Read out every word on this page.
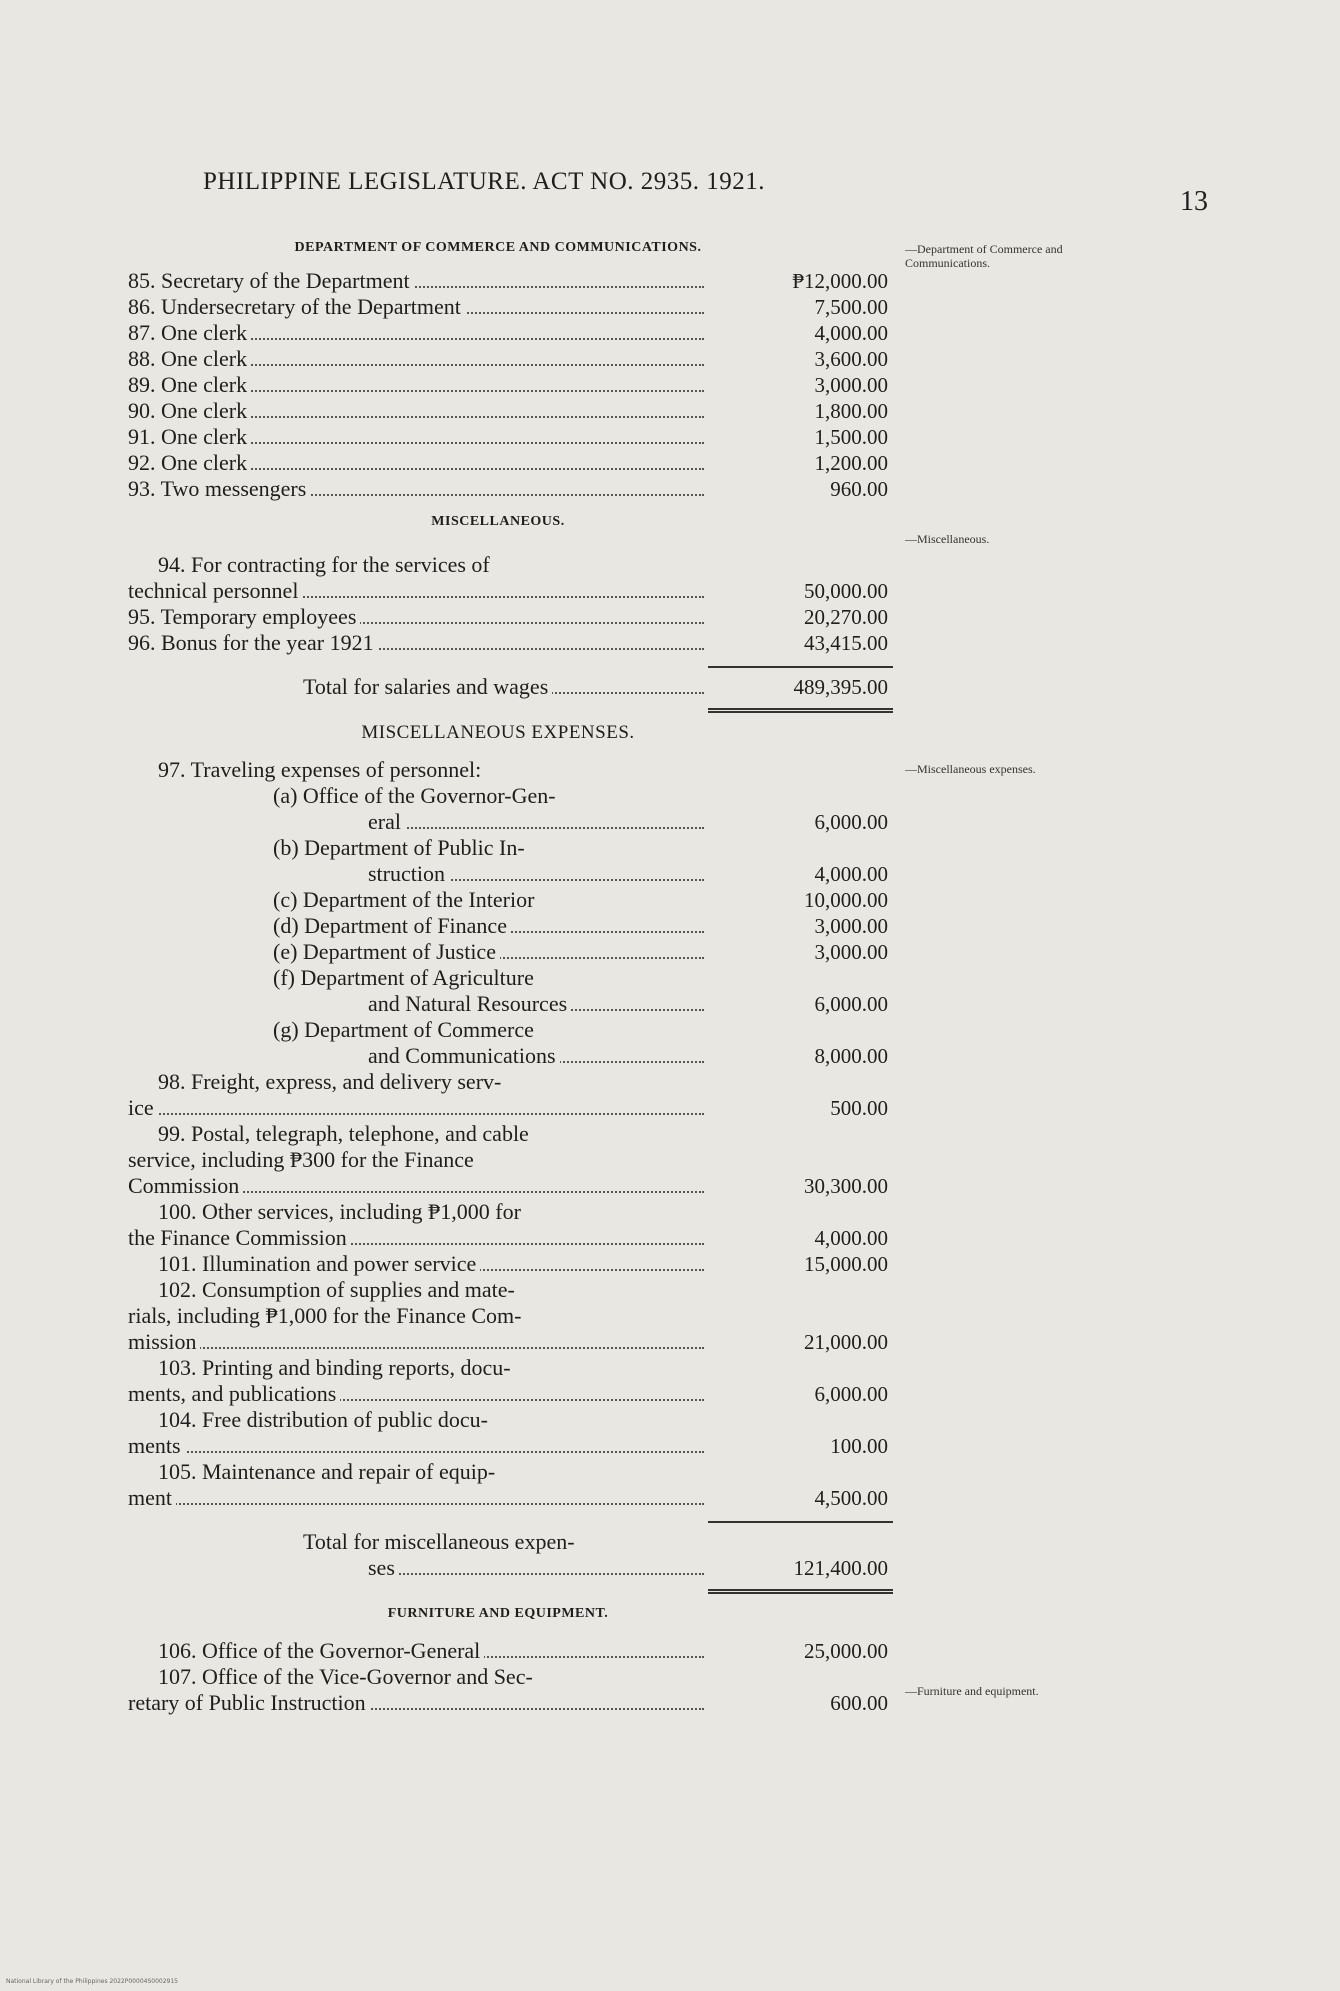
PHILIPPINE LEGISLATURE. ACT NO. 2935. 1921.
13
—Department of Commerce and Communications.
—Miscellaneous.
—Miscellaneous expenses.
—Furniture and equipment.
DEPARTMENT OF COMMERCE AND COMMUNICATIONS.
85. Secretary of the Department	₱12,000.00
86. Undersecretary of the Department	7,500.00
87. One clerk	4,000.00
88. One clerk	3,600.00
89. One clerk	3,000.00
90. One clerk	1,800.00
91. One clerk	1,500.00
92. One clerk	1,200.00
93. Two messengers	960.00
MISCELLANEOUS.
94. For contracting for the services of
technical personnel	50,000.00
95. Temporary employees	20,270.00
96. Bonus for the year 1921	43,415.00
Total for salaries and wages	489,395.00
MISCELLANEOUS EXPENSES.
97. Traveling expenses of personnel:
(a) Office of the Governor-Gen-
eral	6,000.00
(b) Department of Public In-
struction	4,000.00
(c) Department of the Interior	10,000.00
(d) Department of Finance	3,000.00
(e) Department of Justice	3,000.00
(f) Department of Agriculture
and Natural Resources	6,000.00
(g) Department of Commerce
and Communications	8,000.00
98. Freight, express, and delivery serv-
ice	500.00
99. Postal, telegraph, telephone, and cable
service, including ₱300 for the Finance
Commission	30,300.00
100. Other services, including ₱1,000 for
the Finance Commission	4,000.00
101. Illumination and power service	15,000.00
102. Consumption of supplies and mate-
rials, including ₱1,000 for the Finance Com-
mission	21,000.00
103. Printing and binding reports, docu-
ments, and publications	6,000.00
104. Free distribution of public docu-
ments	100.00
105. Maintenance and repair of equip-
ment	4,500.00
Total for miscellaneous expen-
ses	121,400.00
FURNITURE AND EQUIPMENT.
106. Office of the Governor-General	25,000.00
107. Office of the Vice-Governor and Sec-
retary of Public Instruction	600.00
National Library of the Philippines 2022P00004S0002915
